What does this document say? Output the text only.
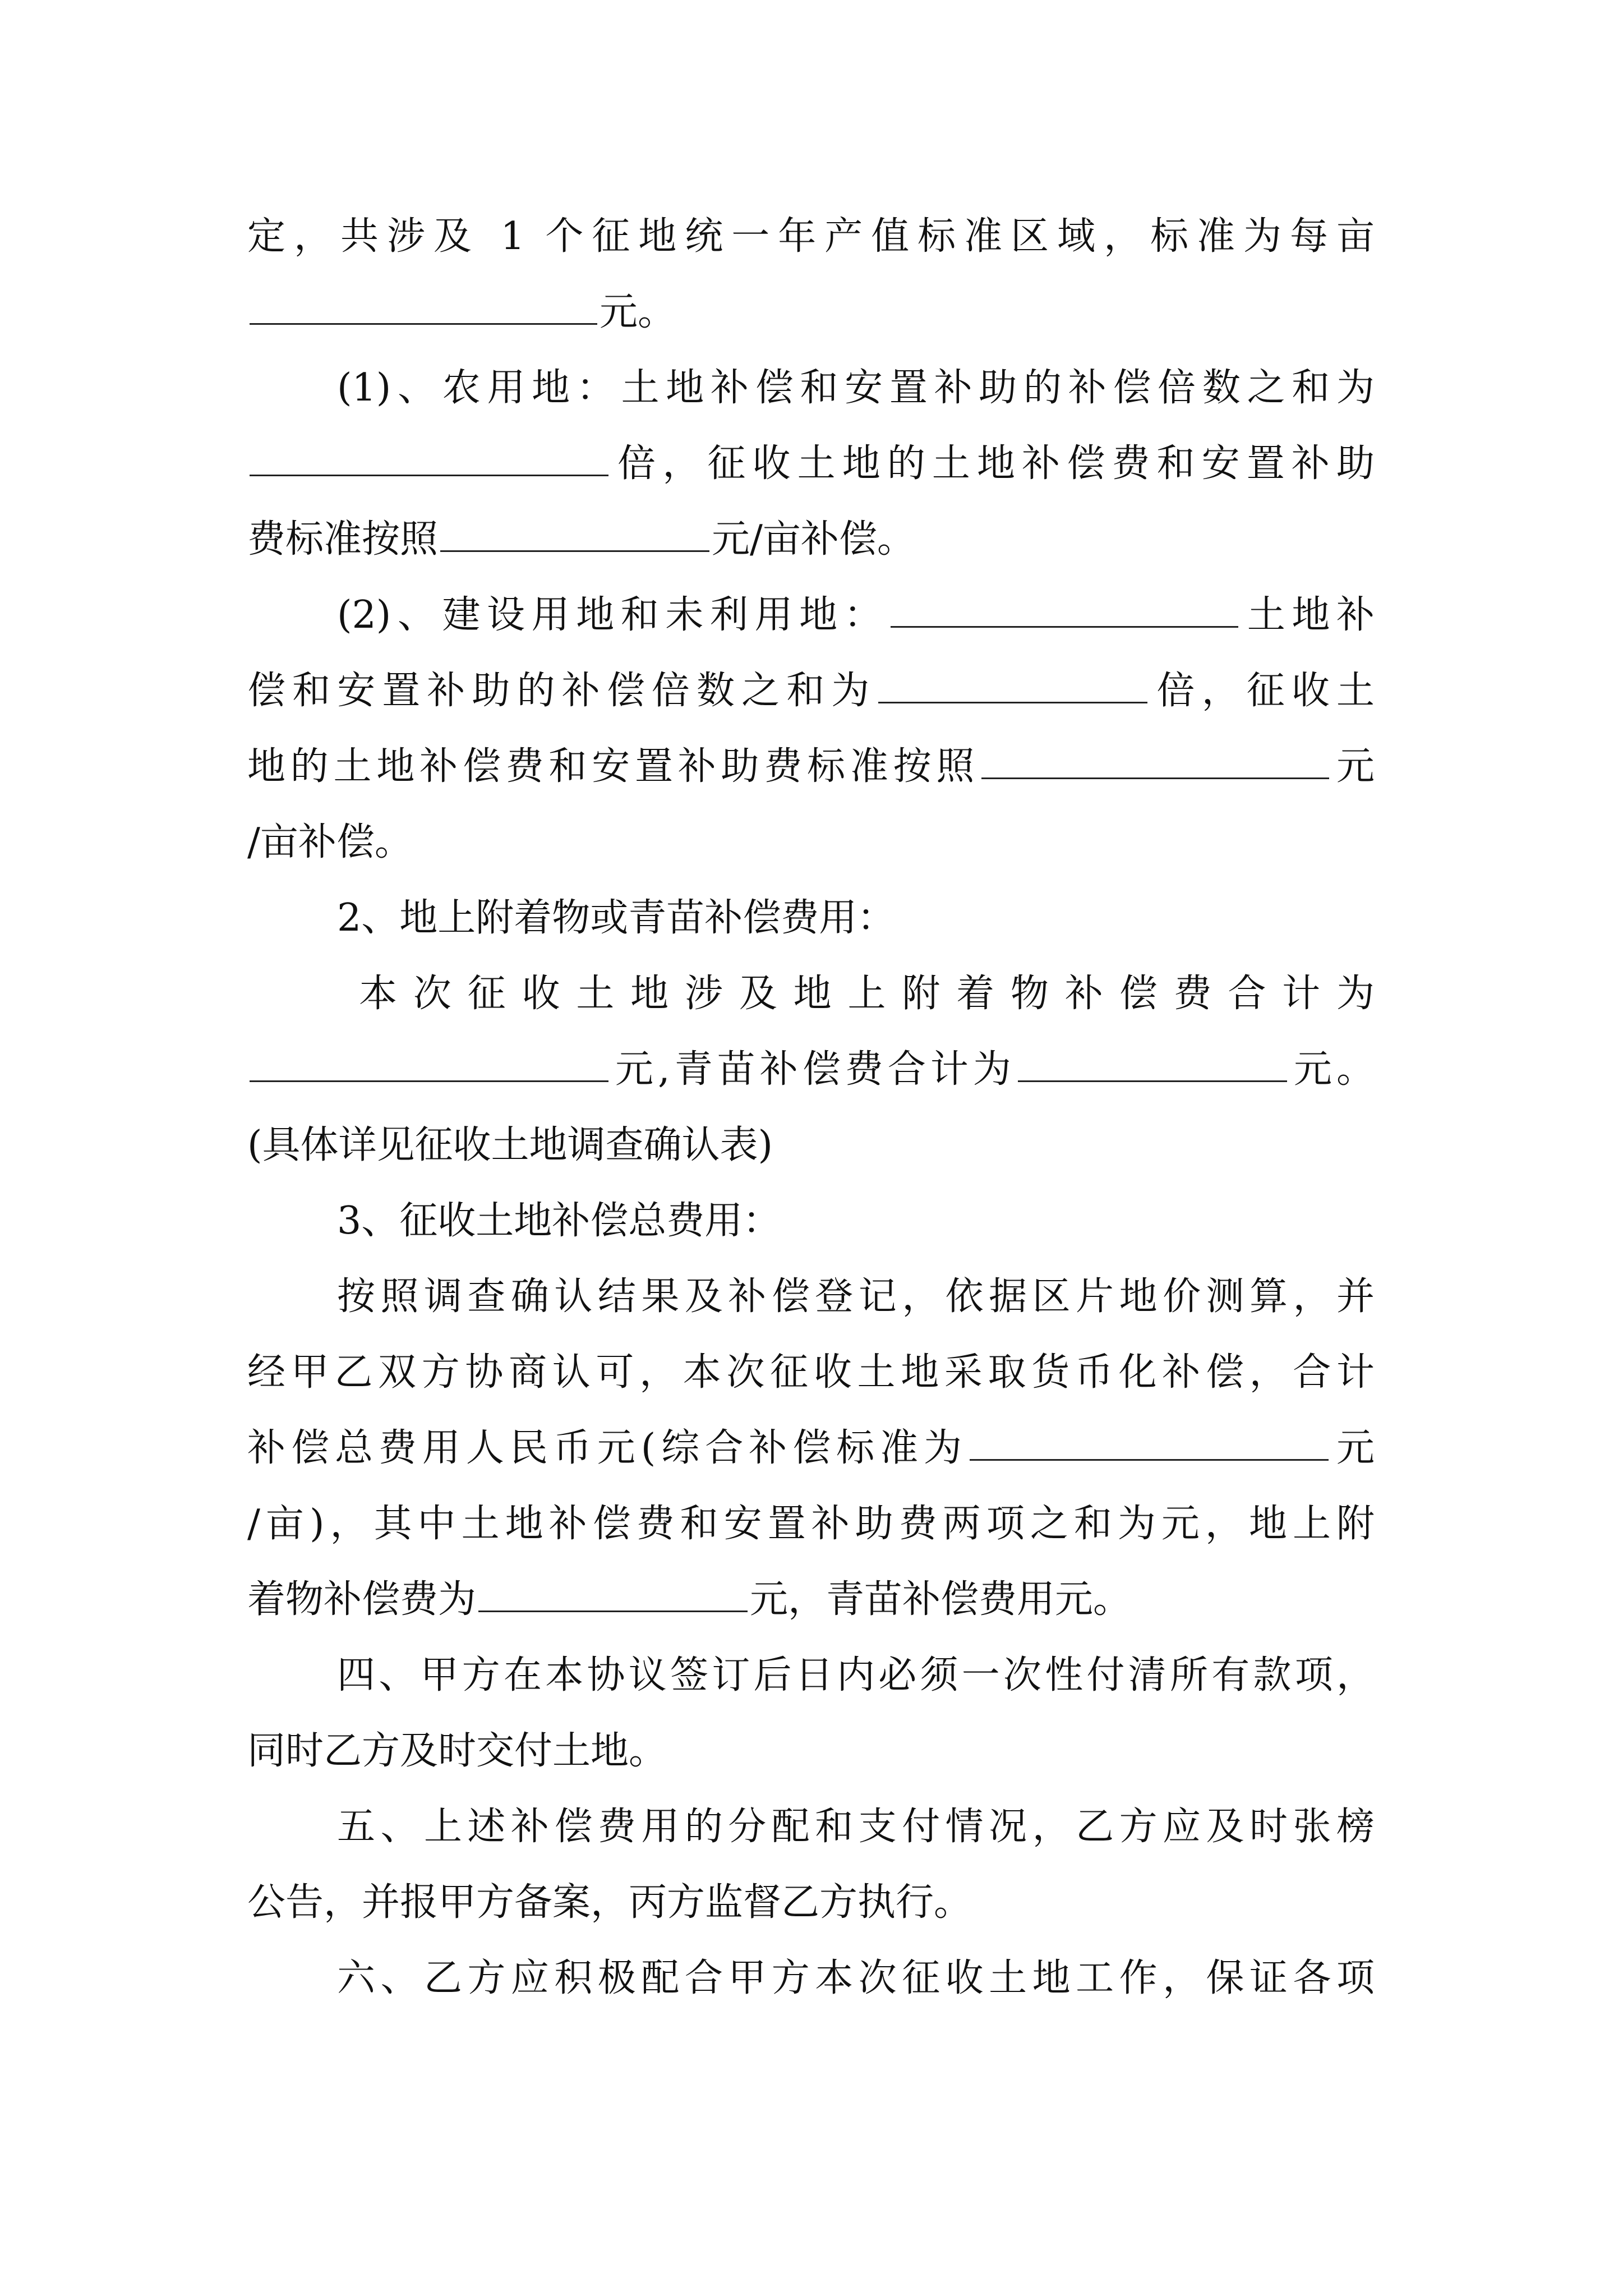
定，共涉及 1 个征地统一年产值标准区域，标准为每亩
元。
(1)、农用地：土地补偿和安置补助的补偿倍数之和为
倍，征收土地的土地补偿费和安置补助
费标准按照	元/亩补偿。
(2)、建设用地和未利用地：	土地补
偿和安置补助的补偿倍数之和为	倍，征收土
地的土地补偿费和安置补助费标准按照	元
/亩补偿。
2、地上附着物或青苗补偿费用：
本次征收土地涉及地上附着物补偿费合计为
元,青苗补偿费合计为	元。
(具体详见征收土地调查确认表)
3、征收土地补偿总费用：
按照调查确认结果及补偿登记，依据区片地价测算，并
经甲乙双方协商认可，本次征收土地采取货币化补偿，合计
补偿总费用人民币元(综合补偿标准为	元
/亩)，其中土地补偿费和安置补助费两项之和为元，地上附
着物补偿费为	元，青苗补偿费用元。
四、甲方在本协议签订后日内必须一次性付清所有款项，
同时乙方及时交付土地。
五、上述补偿费用的分配和支付情况，乙方应及时张榜
公告，并报甲方备案，丙方监督乙方执行。
六、乙方应积极配合甲方本次征收土地工作，保证各项
